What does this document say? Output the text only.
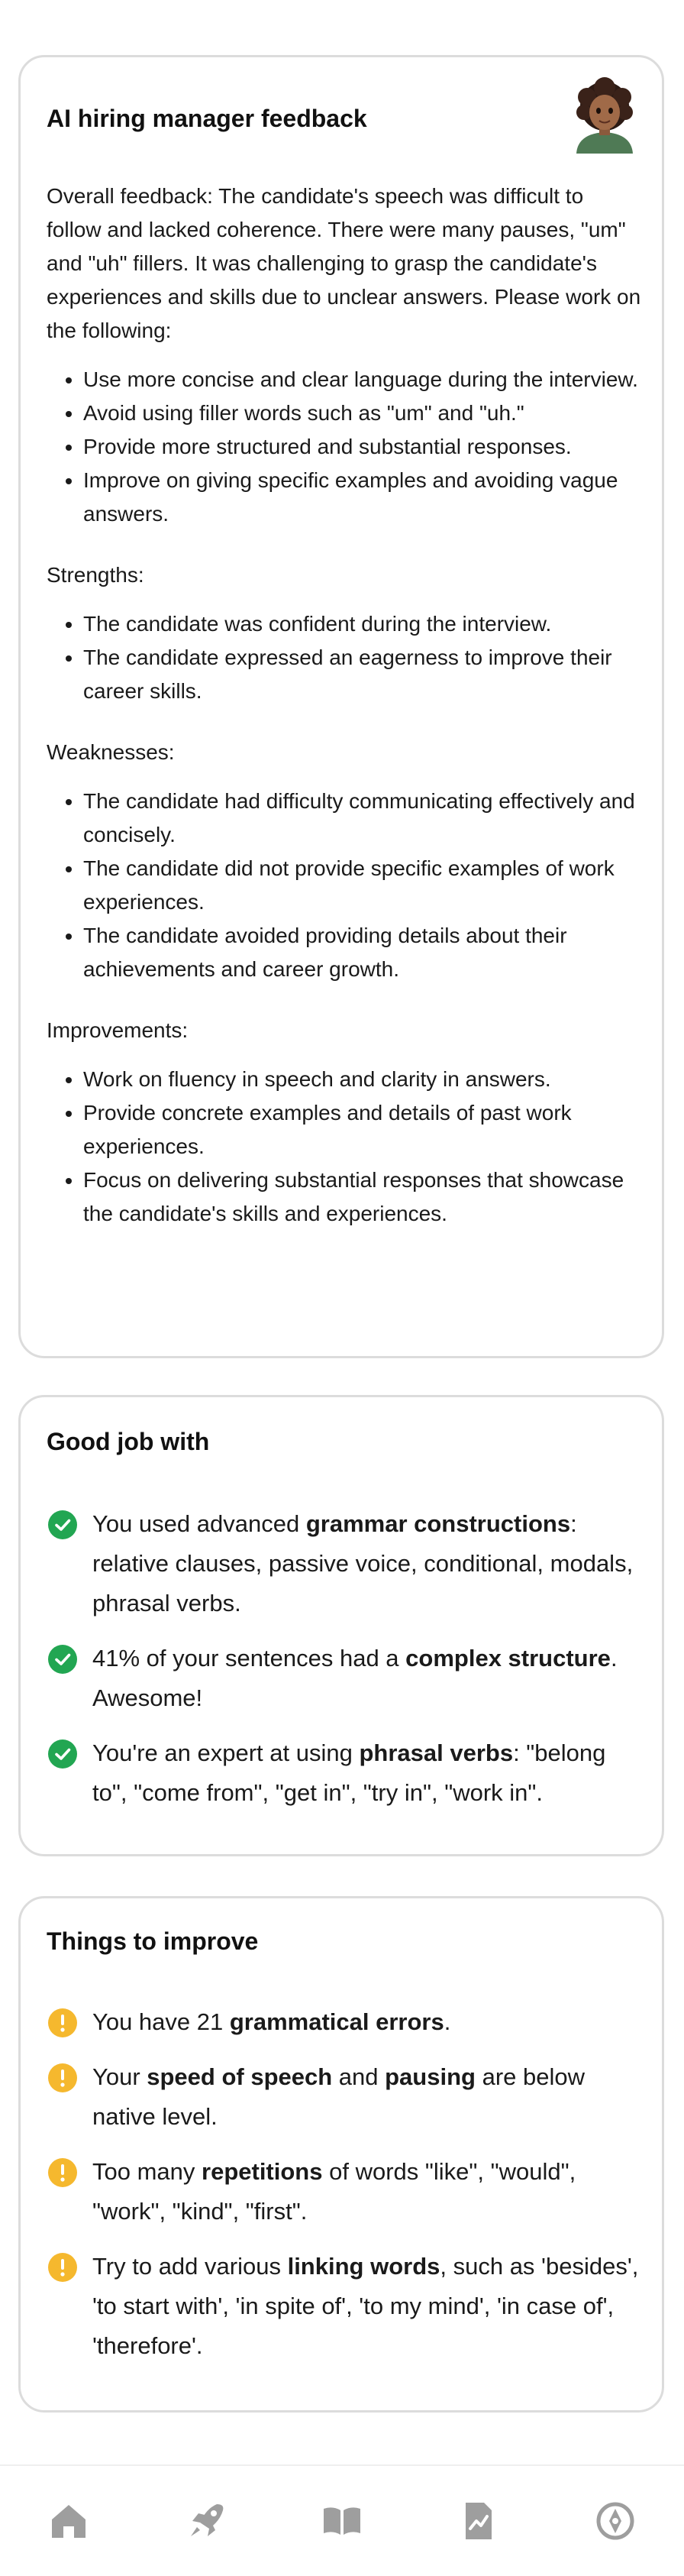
AI hiring manager feedback

Overall feedback: The candidate's speech was difficult to follow and lacked coherence. There were many pauses, "um" and "uh" fillers. It was challenging to grasp the candidate's experiences and skills due to unclear answers. Please work on the following:

• Use more concise and clear language during the interview.
• Avoid using filler words such as "um" and "uh."
• Provide more structured and substantial responses.
• Improve on giving specific examples and avoiding vague answers.

Strengths:

• The candidate was confident during the interview.
• The candidate expressed an eagerness to improve their career skills.

Weaknesses:

• The candidate had difficulty communicating effectively and concisely.
• The candidate did not provide specific examples of work experiences.
• The candidate avoided providing details about their achievements and career growth.

Improvements:

• Work on fluency in speech and clarity in answers.
• Provide concrete examples and details of past work experiences.
• Focus on delivering substantial responses that showcase the candidate's skills and experiences.
Good job with
You used advanced grammar constructions: relative clauses, passive voice, conditional, modals, phrasal verbs.
41% of your sentences had a complex structure. Awesome!
You're an expert at using phrasal verbs: "belong to", "come from", "get in", "try in", "work in".
Things to improve
You have 21 grammatical errors.
Your speed of speech and pausing are below native level.
Too many repetitions of words "like", "would", "work", "kind", "first".
Try to add various linking words, such as 'besides', 'to start with', 'in spite of', 'to my mind', 'in case of', 'therefore'.
